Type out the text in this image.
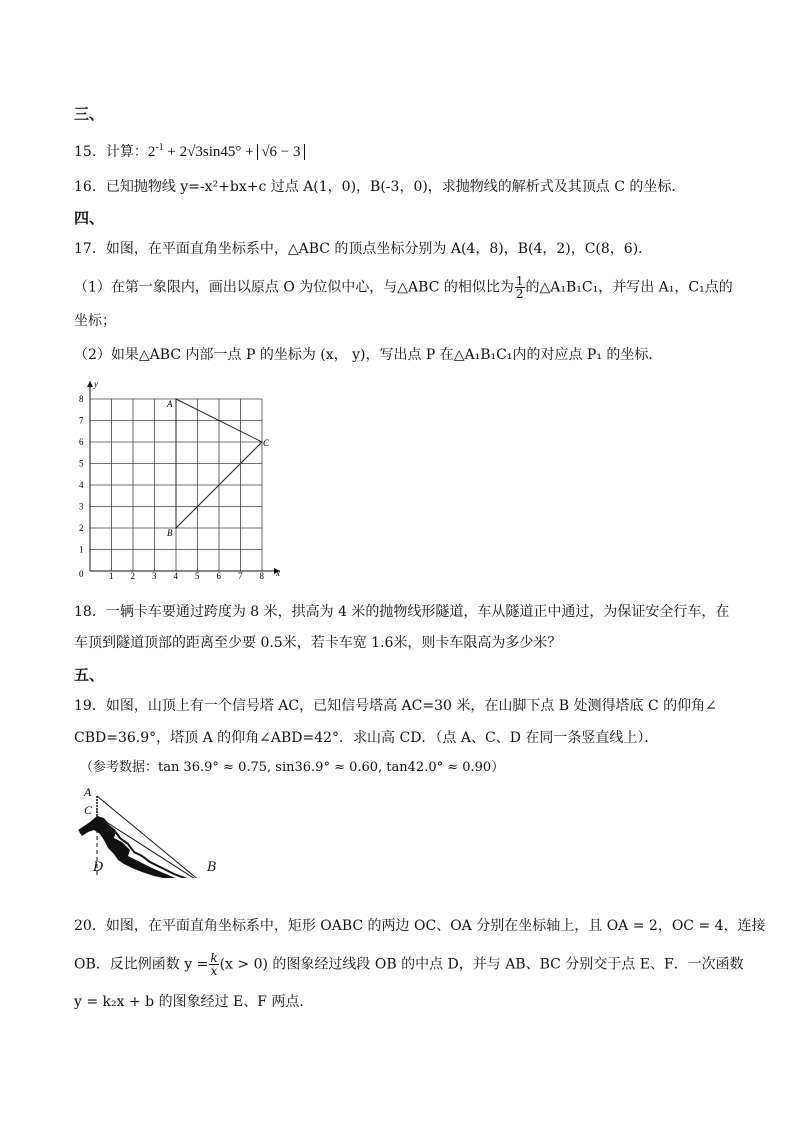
三、
15．计算：$2^{-1} + 2√3\sin 45^\circ + √6 - 3$
16．已知抛物线 y=-x²+bx+c 过点 A(1，0)，B(-3，0)，求抛物线的解析式及其顶点 C 的坐标．
四、
17．如图，在平面直角坐标系中，△ABC 的顶点坐标分别为 A(4，8)，B(4，2)，C(8，6)．
（1）在第一象限内，画出以原点 O 为位似中心，与△ABC 的相似比为 $\frac{1}{2}$ 的△A₁B₁C₁，并写出 A₁，C₁点的
坐标；
（2）如果△ABC 内部一点 P 的坐标为 (x， y)，写出点 P 在△A₁B₁C₁内的对应点 P₁ 的坐标．
x
y
0	1 2 3 4 5 6 7 8
1
2
3
4
5
6
7
8	A
B
C
18．一辆卡车要通过跨度为 8 米，拱高为 4 米的抛物线形隧道，车从隧道正中通过，为保证安全行车，在
车顶到隧道顶部的距离至少要 0.5米，若卡车宽 1.6米，则卡车限高为多少米？
五、
19．如图，山顶上有一个信号塔 AC，已知信号塔高 AC=30 米，在山脚下点 B 处测得塔底 C 的仰角∠
CBD=36.9°，塔顶 A 的仰角∠ABD=42°．求山高 CD．（点 A、C、D 在同一条竖直线上）．
（参考数据：tan 36.9° ≈ 0.75, sin36.9° ≈ 0.60, tan42.0° ≈ 0.90）
A
C
D	B
20．如图，在平面直角坐标系中，矩形 OABC 的两边 OC、OA 分别在坐标轴上，且 OA = 2，OC = 4，连接
OB．反比例函数 $y = \frac{k}{x} (x > 0)$ 的图象经过线段 OB 的中点 D，并与 AB、BC 分别交于点 E、F．一次函数
y = k₂x + b 的图象经过 E、F 两点．
